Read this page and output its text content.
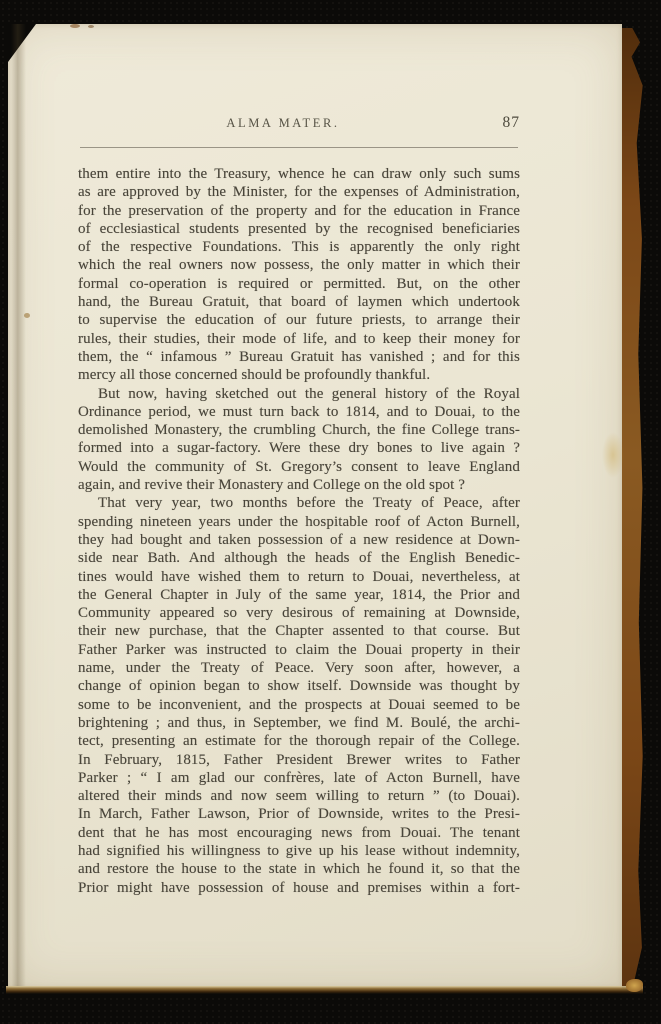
ALMA MATER.	87
them entire into the Treasury, whence he can draw only such sums
as are approved by the Minister, for the expenses of Administration,
for the preservation of the property and for the education in France
of ecclesiastical students presented by the recognised beneficiaries
of the respective Foundations. This is apparently the only right
which the real owners now possess, the only matter in which their
formal co-operation is required or permitted. But, on the other
hand, the Bureau Gratuit, that board of laymen which undertook
to supervise the education of our future priests, to arrange their
rules, their studies, their mode of life, and to keep their money for
them, the “ infamous ” Bureau Gratuit has vanished ; and for this
mercy all those concerned should be profoundly thankful.
But now, having sketched out the general history of the Royal
Ordinance period, we must turn back to 1814, and to Douai, to the
demolished Monastery, the crumbling Church, the fine College trans-
formed into a sugar-factory. Were these dry bones to live again ?
Would the community of St. Gregory’s consent to leave England
again, and revive their Monastery and College on the old spot ?
That very year, two months before the Treaty of Peace, after
spending nineteen years under the hospitable roof of Acton Burnell,
they had bought and taken possession of a new residence at Down-
side near Bath. And although the heads of the English Benedic-
tines would have wished them to return to Douai, nevertheless, at
the General Chapter in July of the same year, 1814, the Prior and
Community appeared so very desirous of remaining at Downside,
their new purchase, that the Chapter assented to that course. But
Father Parker was instructed to claim the Douai property in their
name, under the Treaty of Peace. Very soon after, however, a
change of opinion began to show itself. Downside was thought by
some to be inconvenient, and the prospects at Douai seemed to be
brightening ; and thus, in September, we find M. Boulé, the archi-
tect, presenting an estimate for the thorough repair of the College.
In February, 1815, Father President Brewer writes to Father
Parker ; “ I am glad our confrères, late of Acton Burnell, have
altered their minds and now seem willing to return ” (to Douai).
In March, Father Lawson, Prior of Downside, writes to the Presi-
dent that he has most encouraging news from Douai. The tenant
had signified his willingness to give up his lease without indemnity,
and restore the house to the state in which he found it, so that the
Prior might have possession of house and premises within a fort-
